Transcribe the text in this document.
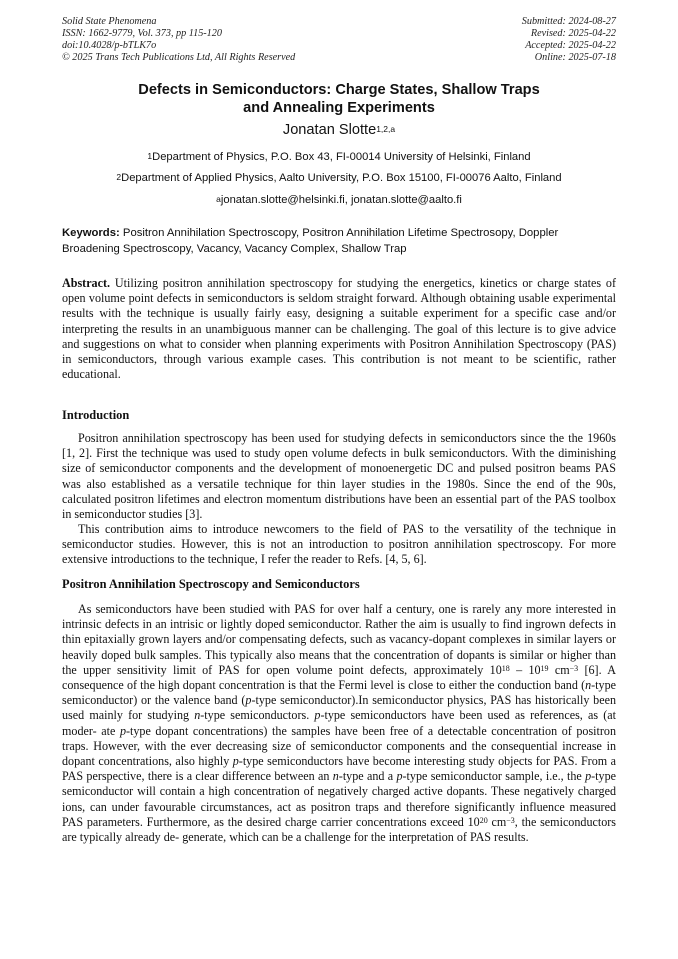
Solid State Phenomena
ISSN: 1662-9779, Vol. 373, pp 115-120
doi:10.4028/p-bTLK7o
© 2025 Trans Tech Publications Ltd, All Rights Reserved
Submitted: 2024-08-27
Revised: 2025-04-22
Accepted: 2025-04-22
Online: 2025-07-18
Defects in Semiconductors: Charge States, Shallow Traps
and Annealing Experiments
Jonatan Slotte$^{1,2,a}$
$^1$Department of Physics, P.O. Box 43, FI-00014 University of Helsinki, Finland
$^2$Department of Applied Physics, Aalto University, P.O. Box 15100, FI-00076 Aalto, Finland
$^a$jonatan.slotte@helsinki.fi, jonatan.slotte@aalto.fi
Keywords: Positron Annihilation Spectroscopy, Positron Annihilation Lifetime Spectrosopy, Doppler Broadening Spectroscopy, Vacancy, Vacancy Complex, Shallow Trap
Abstract. Utilizing positron annihilation spectroscopy for studying the energetics, kinetics or charge states of open volume point defects in semiconductors is seldom straight forward. Although obtaining usable experimental results with the technique is usually fairly easy, designing a suitable experiment for a specific case and/or interpreting the results in an unambiguous manner can be challenging. The goal of this lecture is to give advice and suggestions on what to consider when planning experiments with Positron Annihilation Spectroscopy (PAS) in semiconductors, through various example cases. This contribution is not meant to be scientific, rather educational.
Introduction
Positron annihilation spectroscopy has been used for studying defects in semiconductors since the the 1960s [1, 2]. First the technique was used to study open volume defects in bulk semiconductors. With the diminishing size of semiconductor components and the development of monoenergetic DC and pulsed positron beams PAS was also established as a versatile technique for thin layer studies in the 1980s. Since the end of the 90s, calculated positron lifetimes and electron momentum distributions have been an essential part of the PAS toolbox in semiconductor studies [3].
This contribution aims to introduce newcomers to the field of PAS to the versatility of the technique in semiconductor studies. However, this is not an introduction to positron annihilation spectroscopy. For more extensive introductions to the technique, I refer the reader to Refs. [4, 5, 6].
Positron Annihilation Spectroscopy and Semiconductors
As semiconductors have been studied with PAS for over half a century, one is rarely any more interested in intrinsic defects in an intrisic or lightly doped semiconductor. Rather the aim is usually to find ingrown defects in thin epitaxially grown layers and/or compensating defects, such as vacancy-dopant complexes in similar layers or heavily doped bulk samples. This typically also means that the concentration of dopants is similar or higher than the upper sensitivity limit of PAS for open volume point defects, approximately $10^{18} - 10^{19}$ $cm^{-3}$ [6]. A consequence of the high dopant concentration is that the Fermi level is close to either the conduction band (n-type semiconductor) or the valence band (p-type semiconductor).In semiconductor physics, PAS has historically been used mainly for studying n-type semiconductors. p-type semiconductors have been used as references, as (at moder- ate p-type dopant concentrations) the samples have been free of a detectable concentration of positron traps. However, with the ever decreasing size of semiconductor components and the consequential increase in dopant concentrations, also highly p-type semiconductors have become interesting study objects for PAS. From a PAS perspective, there is a clear difference between an n-type and a p-type semiconductor sample, i.e., the p-type semiconductor will contain a high concentration of negatively charged active dopants. These negatively charged ions, can under favourable circumstances, act as positron traps and therefore significantly influence measured PAS parameters. Furthermore, as the desired charge carrier concentrations exceed $10^{20}$ $cm^{-3}$, the semiconductors are typically already de- generate, which can be a challenge for the interpretation of PAS results.
